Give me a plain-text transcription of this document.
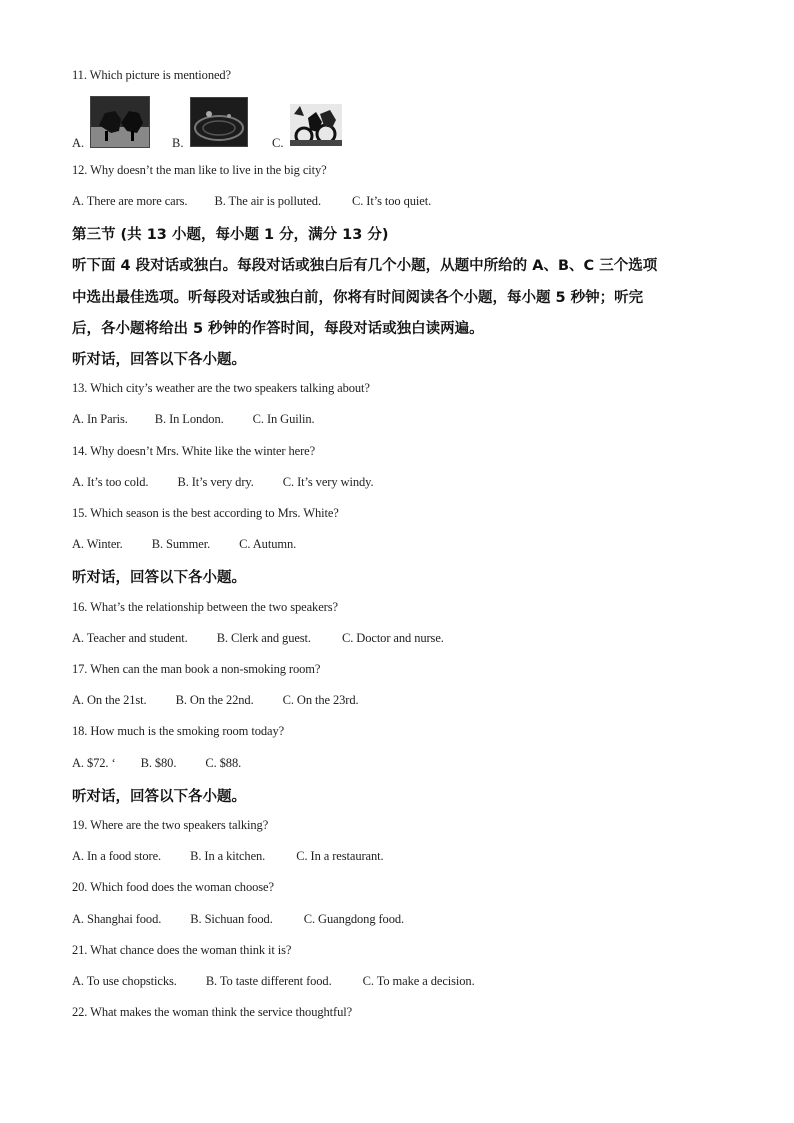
11. Which picture is mentioned?
A.	B.	C.
12. Why doesn’t the man like to live in the big city?
A. There are more cars. B. The air is polluted. C. It’s too quiet.
第三节 (共 13 小题，每小题 1 分，满分 13 分)
听下面 4 段对话或独白。每段对话或独白后有几个小题，从题中所给的 A、B、C 三个选项
中选出最佳选项。听每段对话或独白前，你将有时间阅读各个小题，每小题 5 秒钟；听完
后，各小题将给出 5 秒钟的作答时间，每段对话或独白读两遍。
听对话，回答以下各小题。
13. Which city’s weather are the two speakers talking about?
A. In Paris. B. In London. C. In Guilin.
14. Why doesn’t Mrs. White like the winter here?
A. It’s too cold. B. It’s very dry. C. It’s very windy.
15. Which season is the best according to Mrs. White?
A. Winter. B. Summer. C. Autumn.
听对话，回答以下各小题。
16. What’s the relationship between the two speakers?
A. Teacher and student. B. Clerk and guest. C. Doctor and nurse.
17. When can the man book a non-smoking room?
A. On the 21st. B. On the 22nd. C. On the 23rd.
18. How much is the smoking room today?
A. $72. ‘ B. $80. C. $88.
听对话，回答以下各小题。
19. Where are the two speakers talking?
A. In a food store. B. In a kitchen. C. In a restaurant.
20. Which food does the woman choose?
A. Shanghai food. B. Sichuan food. C. Guangdong food.
21. What chance does the woman think it is?
A. To use chopsticks. B. To taste different food. C. To make a decision.
22. What makes the woman think the service thoughtful?
